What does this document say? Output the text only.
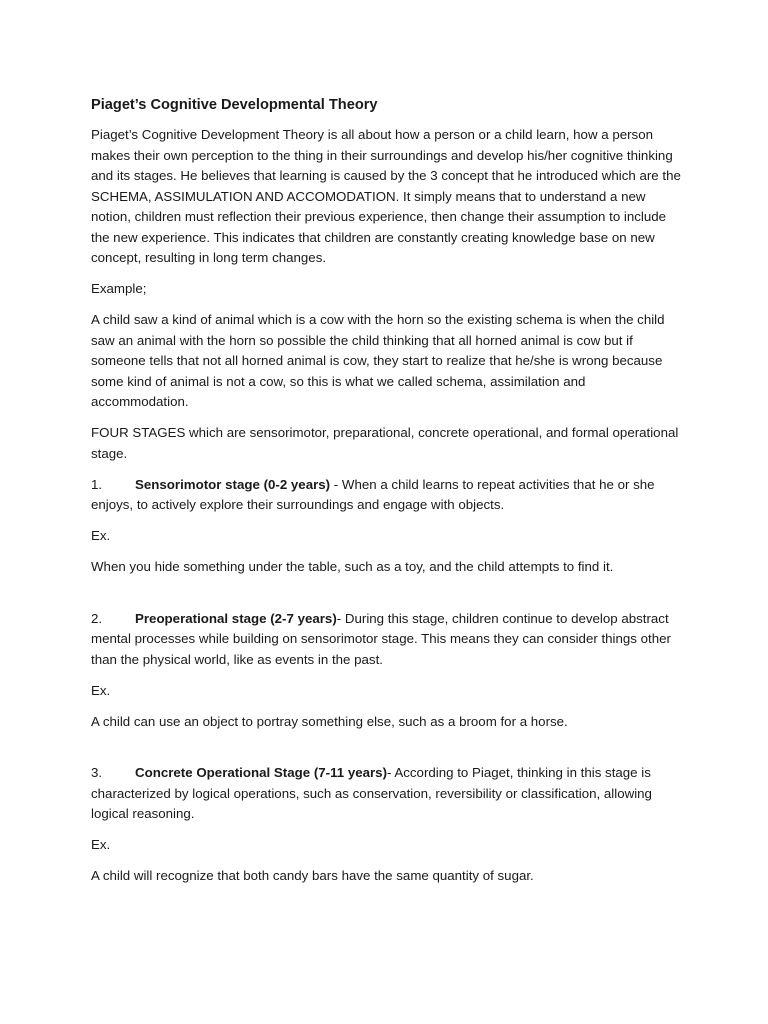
Piaget’s Cognitive Developmental Theory

Piaget’s Cognitive Development Theory is all about how a person or a child learn, how a person makes their own perception to the thing in their surroundings and develop his/her cognitive thinking and its stages. He believes that learning is caused by the 3 concept that he introduced which are the SCHEMA, ASSIMULATION AND ACCOMODATION. It simply means that to understand a new notion, children must reflection their previous experience, then change their assumption to include the new experience. This indicates that children are constantly creating knowledge base on new concept, resulting in long term changes.

Example;

A child saw a kind of animal which is a cow with the horn so the existing schema is when the child saw an animal with the horn so possible the child thinking that all horned animal is cow but if someone tells that not all horned animal is cow, they start to realize that he/she is wrong because some kind of animal is not a cow, so this is what we called schema, assimilation and accommodation.

FOUR STAGES which are sensorimotor, preparational, concrete operational, and formal operational stage.

1. Sensorimotor stage (0-2 years) - When a child learns to repeat activities that he or she enjoys, to actively explore their surroundings and engage with objects.

Ex.

When you hide something under the table, such as a toy, and the child attempts to find it.

2. Preoperational stage (2-7 years)- During this stage, children continue to develop abstract mental processes while building on sensorimotor stage. This means they can consider things other than the physical world, like as events in the past.

Ex.

A child can use an object to portray something else, such as a broom for a horse.

3. Concrete Operational Stage (7-11 years)- According to Piaget, thinking in this stage is characterized by logical operations, such as conservation, reversibility or classification, allowing logical reasoning.

Ex.

A child will recognize that both candy bars have the same quantity of sugar.
